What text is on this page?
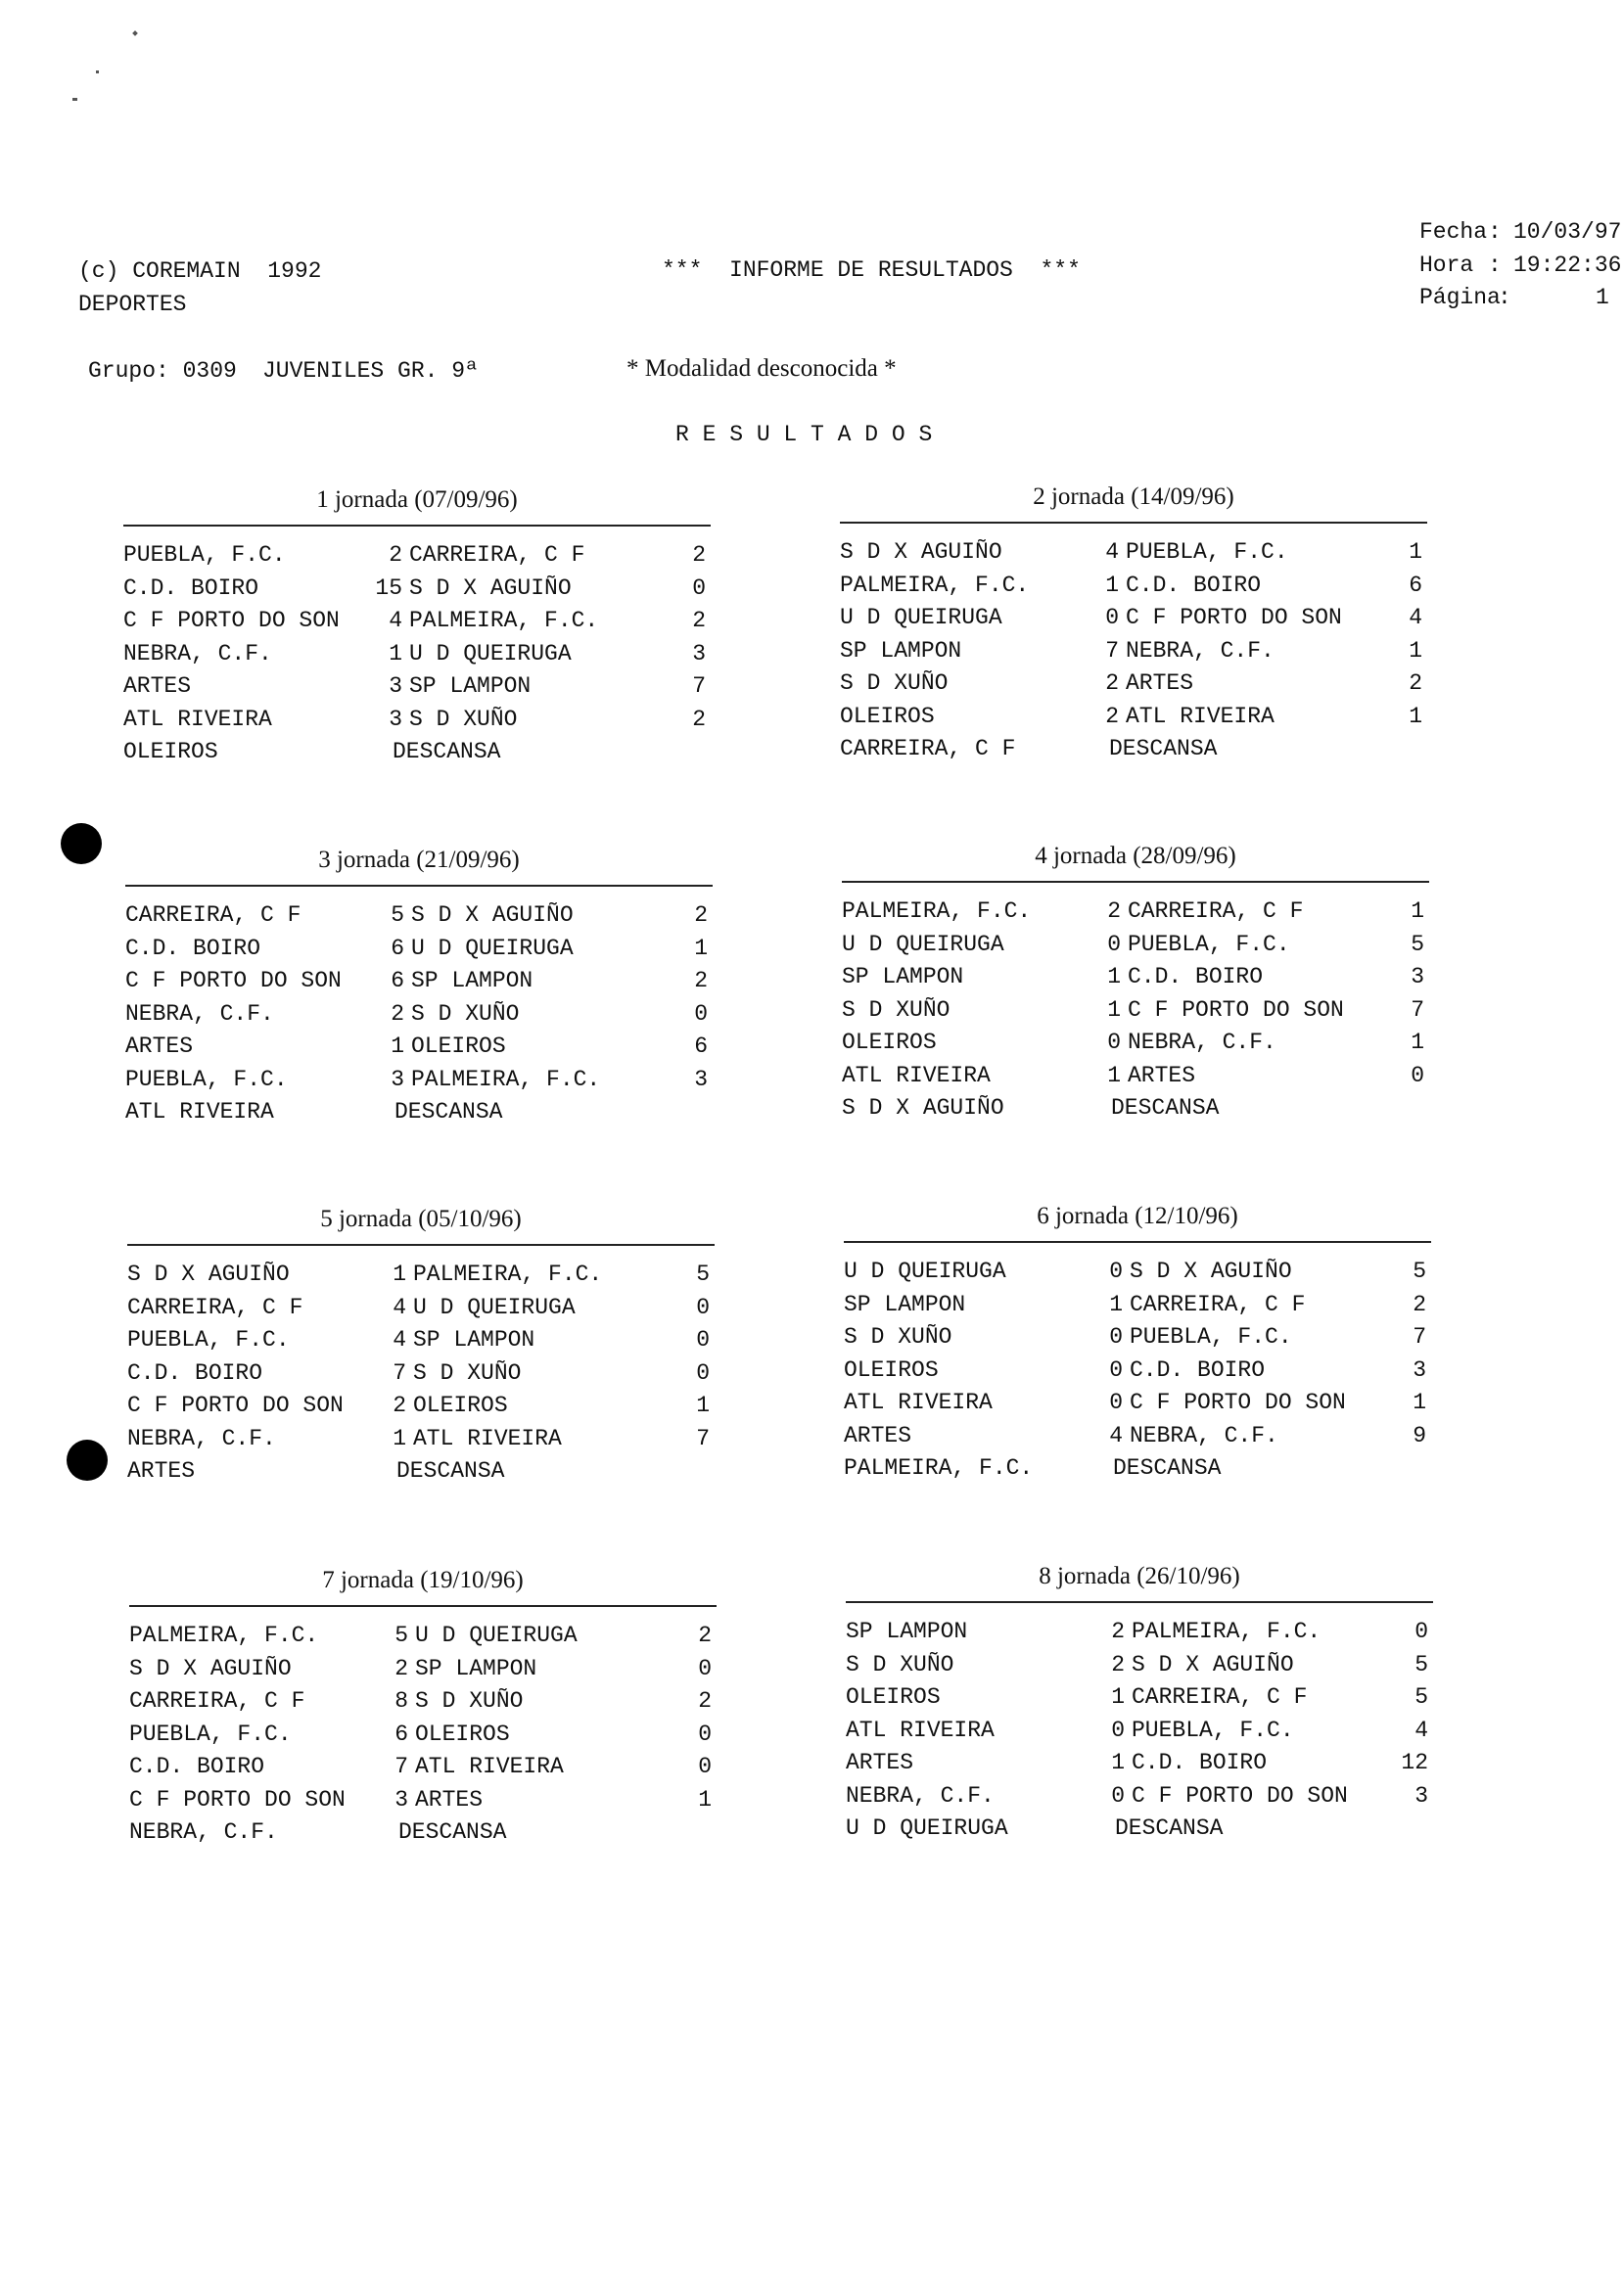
(c) COREMAIN  1992
DEPORTES
***  INFORME DE RESULTADOS  ***
Fecha : 10/03/97
Hora : 19:22:36
Página
:	1
Grupo: 0309 JUVENILES GR. 9ª	* Modalidad desconocida *
R E S U L T A D O S
1 jornada (07/09/96)
PUEBLA, F.C.	2 CARREIRA, C F	2
C.D. BOIRO	15 S D X AGUIÑO	0
C F PORTO DO SON	4 PALMEIRA, F.C.	2
NEBRA, C.F.	1 U D QUEIRUGA	3
ARTES	3 SP LAMPON	7
ATL RIVEIRA	3 S D XUÑO	2
OLEIROS	DESCANSA
2 jornada (14/09/96)
S D X AGUIÑO	4 PUEBLA, F.C.	1
PALMEIRA, F.C.	1 C.D. BOIRO	6
U D QUEIRUGA	0 C F PORTO DO SON	4
SP LAMPON	7 NEBRA, C.F.	1
S D XUÑO	2 ARTES	2
OLEIROS	2 ATL RIVEIRA	1
CARREIRA, C F	DESCANSA
3 jornada (21/09/96)
CARREIRA, C F	5 S D X AGUIÑO	2
C.D. BOIRO	6 U D QUEIRUGA	1
C F PORTO DO SON	6 SP LAMPON	2
NEBRA, C.F.	2 S D XUÑO	0
ARTES	1 OLEIROS	6
PUEBLA, F.C.	3 PALMEIRA, F.C.	3
ATL RIVEIRA	DESCANSA
4 jornada (28/09/96)
PALMEIRA, F.C.	2 CARREIRA, C F	1
U D QUEIRUGA	0 PUEBLA, F.C.	5
SP LAMPON	1 C.D. BOIRO	3
S D XUÑO	1 C F PORTO DO SON	7
OLEIROS	0 NEBRA, C.F.	1
ATL RIVEIRA	1 ARTES	0
S D X AGUIÑO	DESCANSA
5 jornada (05/10/96)
S D X AGUIÑO	1 PALMEIRA, F.C.	5
CARREIRA, C F	4 U D QUEIRUGA	0
PUEBLA, F.C.	4 SP LAMPON	0
C.D. BOIRO	7 S D XUÑO	0
C F PORTO DO SON	2 OLEIROS	1
NEBRA, C.F.	1 ATL RIVEIRA	7
ARTES	DESCANSA
6 jornada (12/10/96)
U D QUEIRUGA	0 S D X AGUIÑO	5
SP LAMPON	1 CARREIRA, C F	2
S D XUÑO	0 PUEBLA, F.C.	7
OLEIROS	0 C.D. BOIRO	3
ATL RIVEIRA	0 C F PORTO DO SON	1
ARTES	4 NEBRA, C.F.	9
PALMEIRA, F.C.	DESCANSA
7 jornada (19/10/96)
PALMEIRA, F.C.	5 U D QUEIRUGA	2
S D X AGUIÑO	2 SP LAMPON	0
CARREIRA, C F	8 S D XUÑO	2
PUEBLA, F.C.	6 OLEIROS	0
C.D. BOIRO	7 ATL RIVEIRA	0
C F PORTO DO SON	3 ARTES	1
NEBRA, C.F.	DESCANSA
8 jornada (26/10/96)
SP LAMPON	2 PALMEIRA, F.C.	0
S D XUÑO	2 S D X AGUIÑO	5
OLEIROS	1 CARREIRA, C F	5
ATL RIVEIRA	0 PUEBLA, F.C.	4
ARTES	1 C.D. BOIRO	12
NEBRA, C.F.	0 C F PORTO DO SON	3
U D QUEIRUGA	DESCANSA
